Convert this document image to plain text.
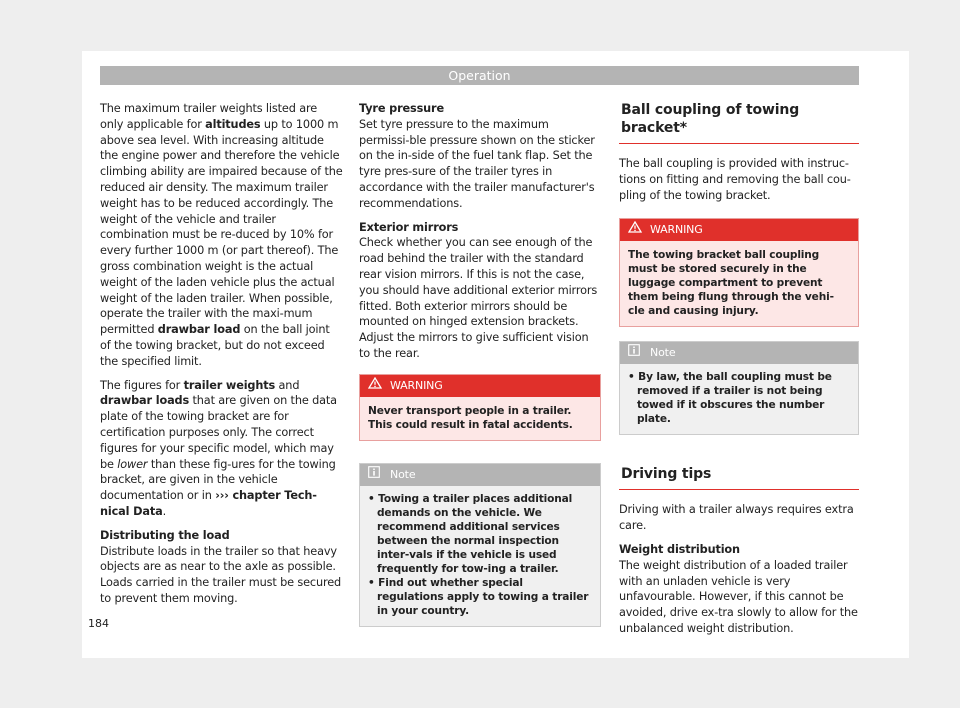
Operation

The maximum trailer weights listed are only applicable for altitudes up to 1000 m above sea level. With increasing altitude the engine power and therefore the vehicle climbing ability are impaired because of the reduced air density. The maximum trailer weight has to be reduced accordingly. The weight of the vehicle and trailer combination must be re-duced by 10% for every further 1000 m (or part thereof). The gross combination weight is the actual weight of the laden vehicle plus the actual weight of the laden trailer. When possible, operate the trailer with the maxi-mum permitted drawbar load on the ball joint of the towing bracket, but do not exceed the specified limit.

The figures for trailer weights and drawbar loads that are given on the data plate of the towing bracket are for certification purposes only. The correct figures for your specific model, which may be lower than these fig-ures for the towing bracket, are given in the vehicle documentation or in ››› chapter Tech-nical Data.

Distributing the load

Distribute loads in the trailer so that heavy objects are as near to the axle as possible. Loads carried in the trailer must be secured to prevent them moving.

Tyre pressure

Set tyre pressure to the maximum permissi-ble pressure shown on the sticker on the in-side of the fuel tank flap. Set the tyre pres-sure of the trailer tyres in accordance with the trailer manufacturer's recommendations.

Exterior mirrors

Check whether you can see enough of the road behind the trailer with the standard rear vision mirrors. If this is not the case, you should have additional exterior mirrors fitted. Both exterior mirrors should be mounted on hinged extension brackets. Adjust the mirrors to give sufficient vision to the rear.

WARNING
Never transport people in a trailer. This could result in fatal accidents.
Note
• Towing a trailer places additional demands on the vehicle. We recommend additional services between the normal inspection inter-vals if the vehicle is used frequently for tow-ing a trailer.
• Find out whether special regulations apply to towing a trailer in your country.
Ball coupling of towing bracket*

The ball coupling is provided with instruc-tions on fitting and removing the ball cou-pling of the towing bracket.

WARNING
The towing bracket ball coupling must be stored securely in the luggage compartment to prevent them being flung through the vehi-cle and causing injury.
Note
• By law, the ball coupling must be removed if a trailer is not being towed if it obscures the number plate.
Driving tips

Driving with a trailer always requires extra care.

Weight distribution

The weight distribution of a loaded trailer with an unladen vehicle is very unfavourable. However, if this cannot be avoided, drive ex-tra slowly to allow for the unbalanced weight distribution.

184
